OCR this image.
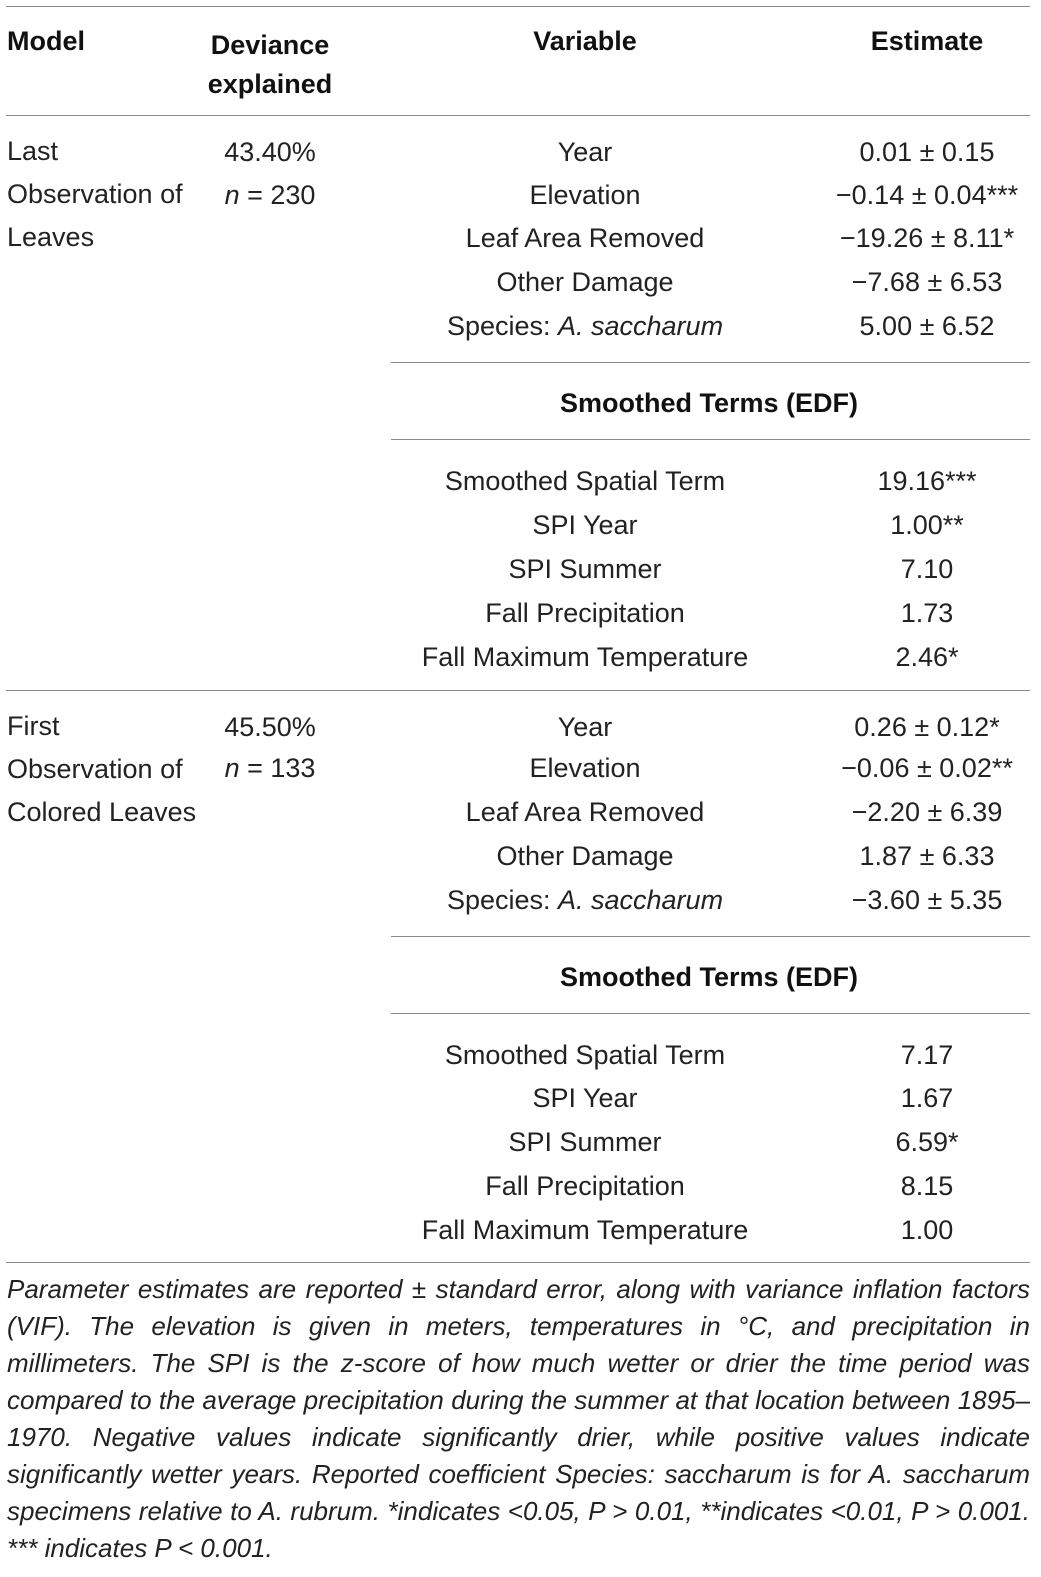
Model	Deviance
explained
Variable	Estimate
Last Observation of Leaves
43.40%
n = 230
Year	0.01 ± 0.15
Elevation	−0.14 ± 0.04***
Leaf Area Removed	−19.26 ± 8.11*
Other Damage	−7.68 ± 6.53
Species: A. saccharum	5.00 ± 6.52
Smoothed Terms (EDF)
Smoothed Spatial Term	19.16***
SPI Year	1.00**
SPI Summer	7.10
Fall Precipitation	1.73
Fall Maximum Temperature	2.46*
First Observation of Colored Leaves
45.50%
n = 133
Year	0.26 ± 0.12*
Elevation	−0.06 ± 0.02**
Leaf Area Removed	−2.20 ± 6.39
Other Damage	1.87 ± 6.33
Species: A. saccharum	−3.60 ± 5.35
Smoothed Terms (EDF)
Smoothed Spatial Term	7.17
SPI Year	1.67
SPI Summer	6.59*
Fall Precipitation	8.15
Fall Maximum Temperature	1.00
Parameter estimates are reported ± standard error, along with variance inflation factors (VIF). The elevation is given in meters, temperatures in °C, and precipitation in millimeters. The SPI is the z-score of how much wetter or drier the time period was compared to the average precipitation during the summer at that location between 1895–1970. Negative values indicate significantly drier, while positive values indicate significantly wetter years. Reported coefficient Species: saccharum is for A. saccharum specimens relative to A. rubrum. *indicates <0.05, P > 0.01, **indicates <0.01, P > 0.001. *** indicates P < 0.001.
